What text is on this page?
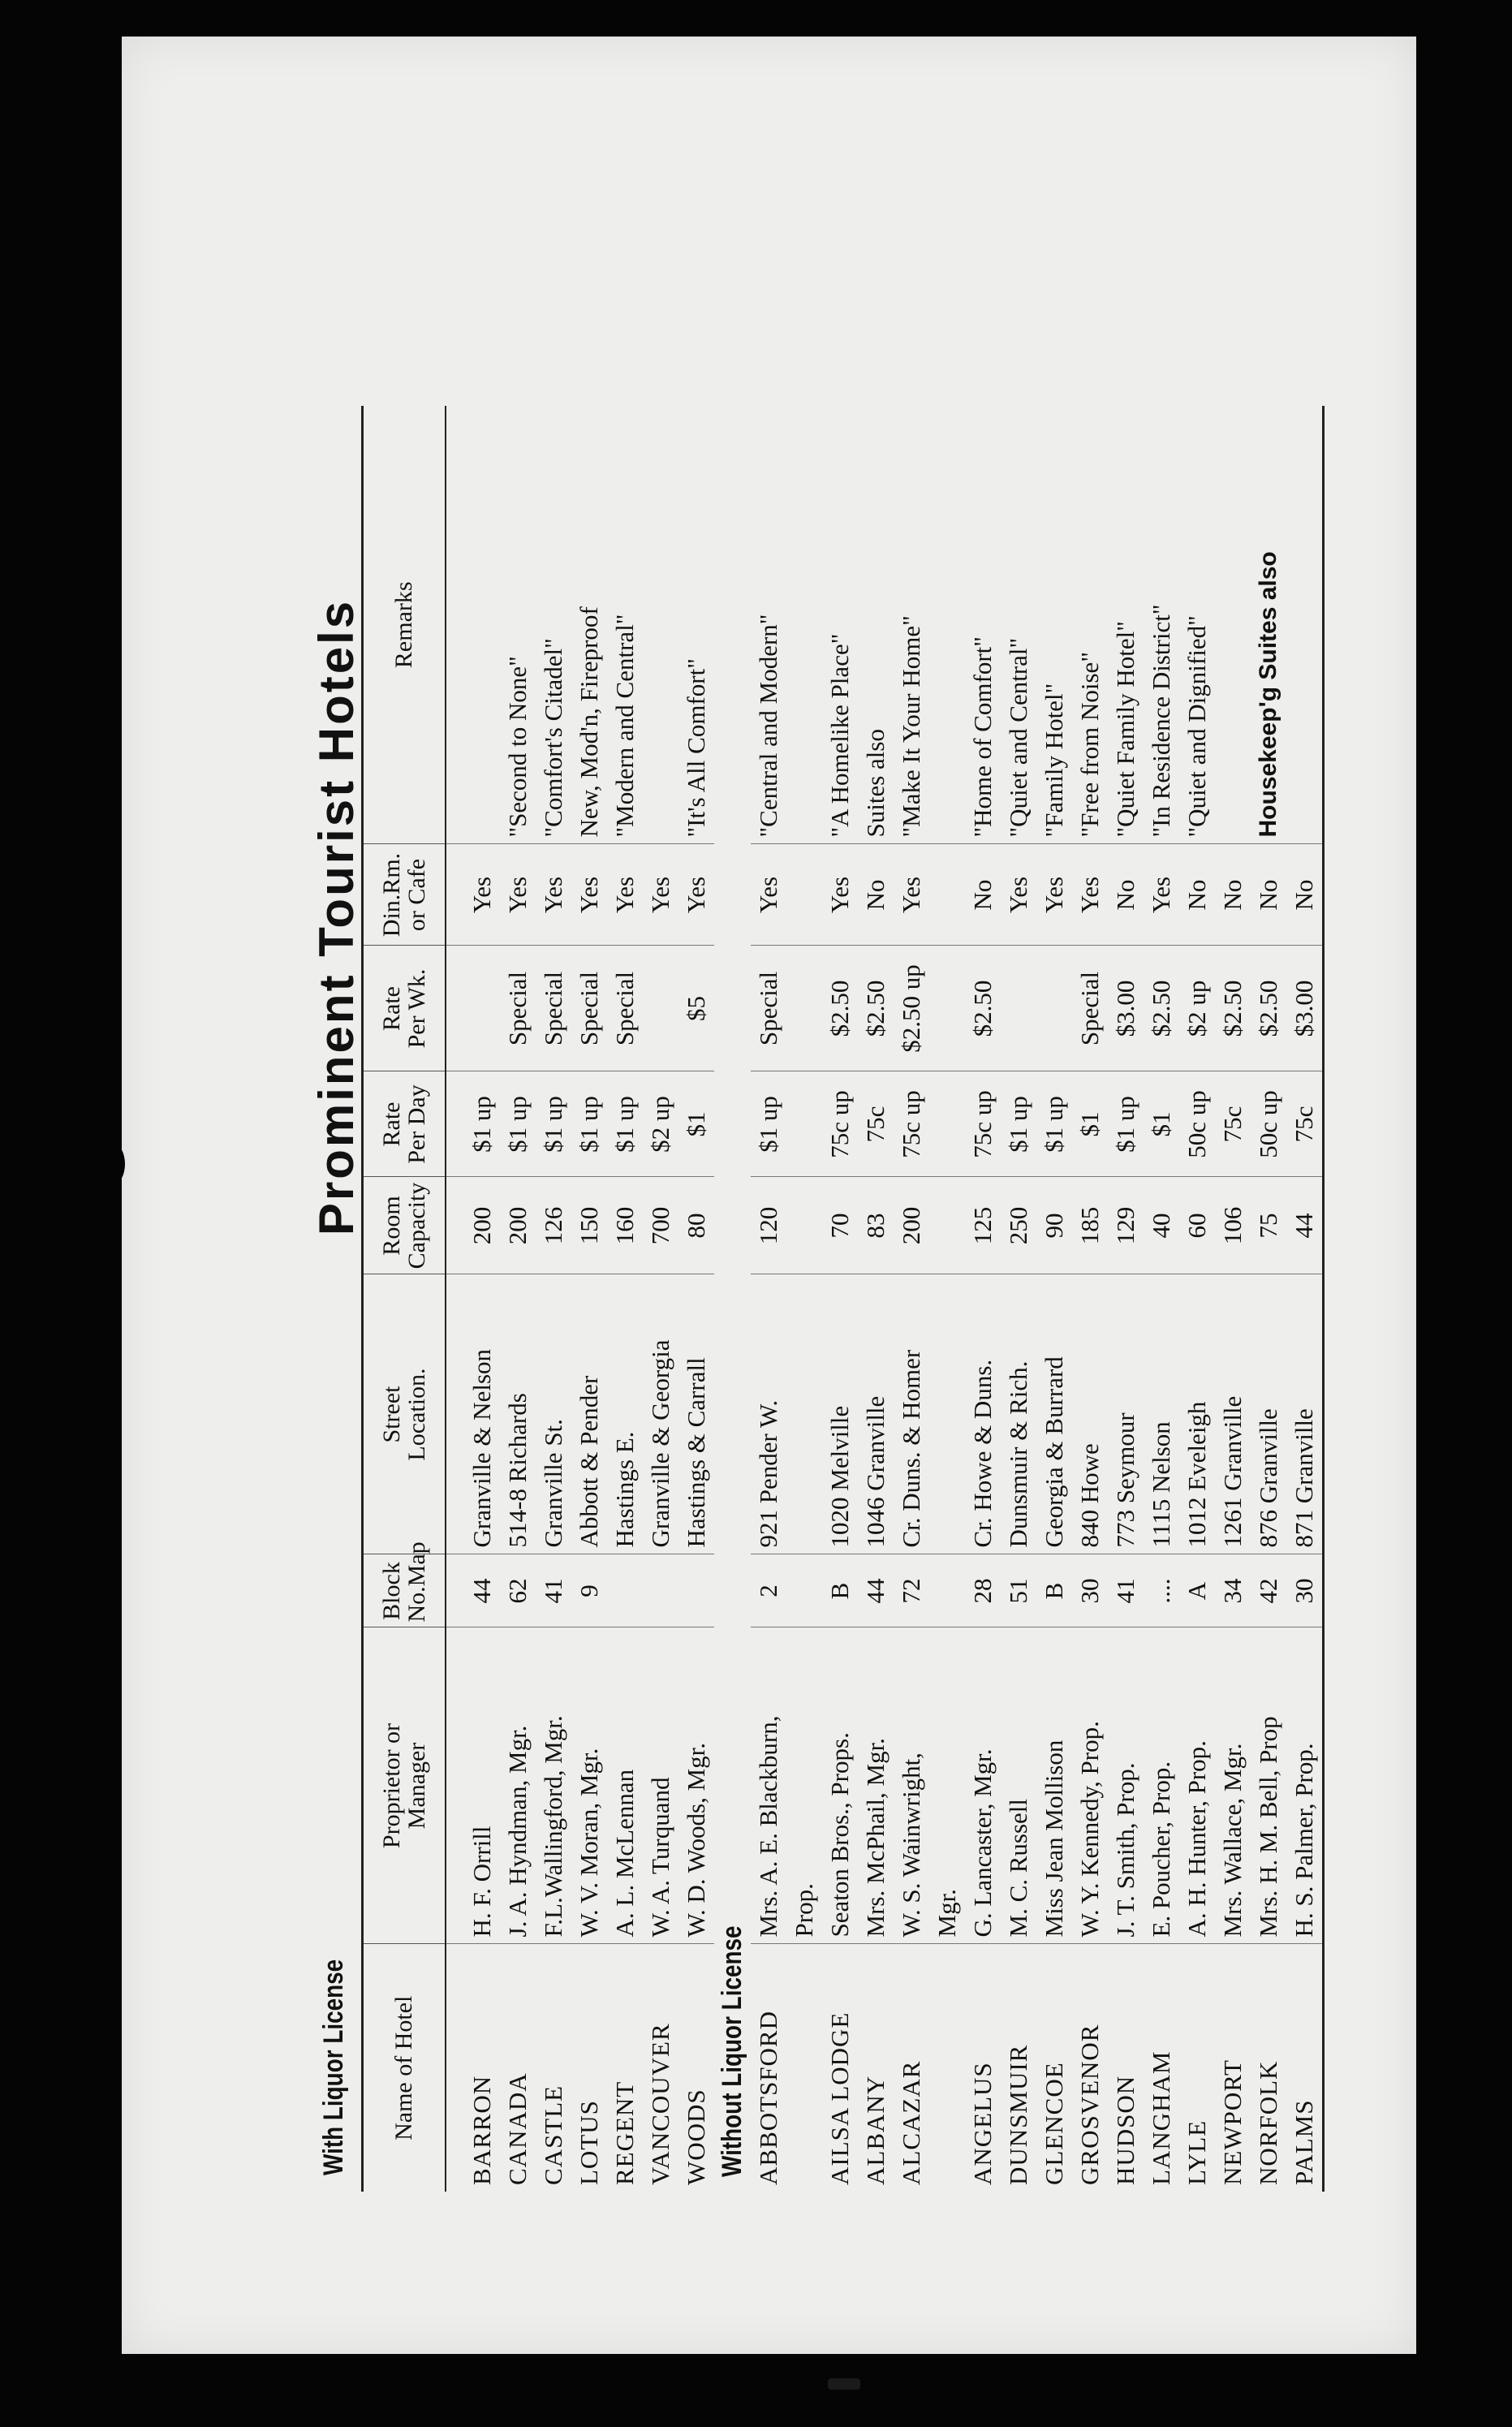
Prominent Tourist Hotels
With Liquor License Name of Hotel	Proprietor or
Manager	Block
No.Map	Street
Location.	Room
Capacity	Rate
Per Day	Rate
Per Wk.	Din.Rm.
or Cafe	Remarks
BARRON	H. F. Orrill	44	Granville & Nelson	200	$1 up		Yes	
CANADA	J. A. Hyndman, Mgr.	62	514-8 Richards	200	$1 up	Special	Yes	"Second to None"
CASTLE	F.L.Wallingford, Mgr.	41	Granville St.	126	$1 up	Special	Yes	"Comfort's Citadel"
LOTUS	W. V. Moran, Mgr.	9	Abbott & Pender	150	$1 up	Special	Yes	New, Mod'n, Fireproof
REGENT	A. L. McLennan		Hastings E.	160	$1 up	Special	Yes	"Modern and Central"
VANCOUVER	W. A. Turquand		Granville & Georgia	700	$2 up		Yes	
WOODS	W. D. Woods, Mgr.		Hastings & Carrall	80	$1	$5	Yes	"It's All Comfort"
Without Liquor License								
ABBOTSFORD	Mrs. A. E. Blackburn,	2	921 Pender W.	120	$1 up	Special	Yes	"Central and Modern"
	Prop.							
AILSA LODGE	Seaton Bros., Props.	B	1020 Melville	70	75c up	$2.50	Yes	"A Homelike Place"
ALBANY	Mrs. McPhail, Mgr.	44	1046 Granville	83	75c	$2.50	No	Suites also
ALCAZAR	W. S. Wainwright,	72	Cr. Duns. & Homer	200	75c up	$2.50 up	Yes	"Make It Your Home"
	Mgr.							
ANGELUS	G. Lancaster, Mgr.	28	Cr. Howe & Duns.	125	75c up	$2.50	No	"Home of Comfort"
DUNSMUIR	M. C. Russell	51	Dunsmuir & Rich.	250	$1 up		Yes	"Quiet and Central"
GLENCOE	Miss Jean Mollison	B	Georgia & Burrard	90	$1 up		Yes	"Family Hotel"
GROSVENOR	W. Y. Kennedy, Prop.	30	840 Howe	185	$1	Special	Yes	"Free from Noise"
HUDSON	J. T. Smith, Prop.	41	773 Seymour	129	$1 up	$3.00	No	"Quiet Family Hotel"
LANGHAM	E. Poucher, Prop.	....	1115 Nelson	40	$1	$2.50	Yes	"In Residence District"
LYLE	A. H. Hunter, Prop.	A	1012 Eveleigh	60	50c up	$2 up	No	"Quiet and Dignified"
NEWPORT	Mrs. Wallace, Mgr.	34	1261 Granville	106	75c	$2.50	No	
NORFOLK	Mrs. H. M. Bell, Prop	42	876 Granville	75	50c up	$2.50	No	Housekeep'g Suites also
PALMS	H. S. Palmer, Prop.	30	871 Granville	44	75c	$3.00	No	
